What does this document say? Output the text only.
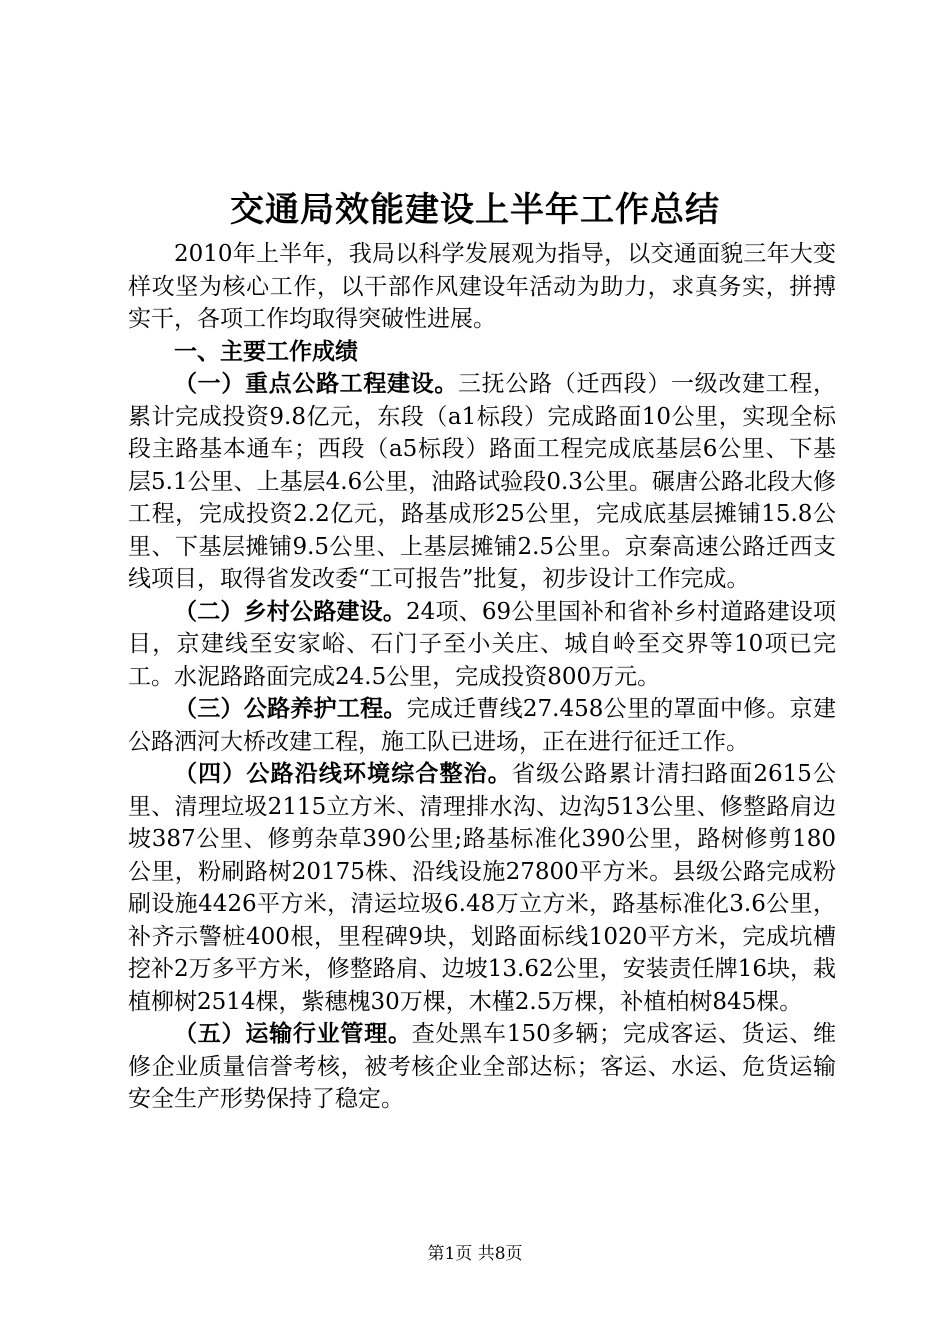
交通局效能建设上半年工作总结

2010年上半年，我局以科学发展观为指导，以交通面貌三年大变样攻坚为核心工作，以干部作风建设年活动为助力，求真务实，拼搏实干，各项工作均取得突破性进展。

一、主要工作成绩

（一）重点公路工程建设。三抚公路（迁西段）一级改建工程，累计完成投资9.8亿元，东段（a1标段）完成路面10公里，实现全标段主路基本通车；西段（a5标段）路面工程完成底基层6公里、下基层5.1公里、上基层4.6公里，油路试验段0.3公里。碾唐公路北段大修工程，完成投资2.2亿元，路基成形25公里，完成底基层摊铺15.8公里、下基层摊铺9.5公里、上基层摊铺2.5公里。京秦高速公路迁西支线项目，取得省发改委“工可报告”批复，初步设计工作完成。

（二）乡村公路建设。24项、69公里国补和省补乡村道路建设项目，京建线至安家峪、石门子至小关庄、城自岭至交界等10项已完工。水泥路路面完成24.5公里，完成投资800万元。

（三）公路养护工程。完成迁曹线27.458公里的罩面中修。京建公路洒河大桥改建工程，施工队已进场，正在进行征迁工作。

（四）公路沿线环境综合整治。省级公路累计清扫路面2615公里、清理垃圾2115立方米、清理排水沟、边沟513公里、修整路肩边坡387公里、修剪杂草390公里;路基标准化390公里，路树修剪180公里，粉刷路树20175株、沿线设施27800平方米。县级公路完成粉刷设施4426平方米，清运垃圾6.48万立方米，路基标准化3.6公里，补齐示警桩400根，里程碑9块，划路面标线1020平方米，完成坑槽挖补2万多平方米，修整路肩、边坡13.62公里，安装责任牌16块，栽植柳树2514棵，紫穗槐30万棵，木槿2.5万棵，补植柏树845棵。

（五）运输行业管理。查处黑车150多辆；完成客运、货运、维修企业质量信誉考核，被考核企业全部达标；客运、水运、危货运输安全生产形势保持了稳定。

第1页 共8页
